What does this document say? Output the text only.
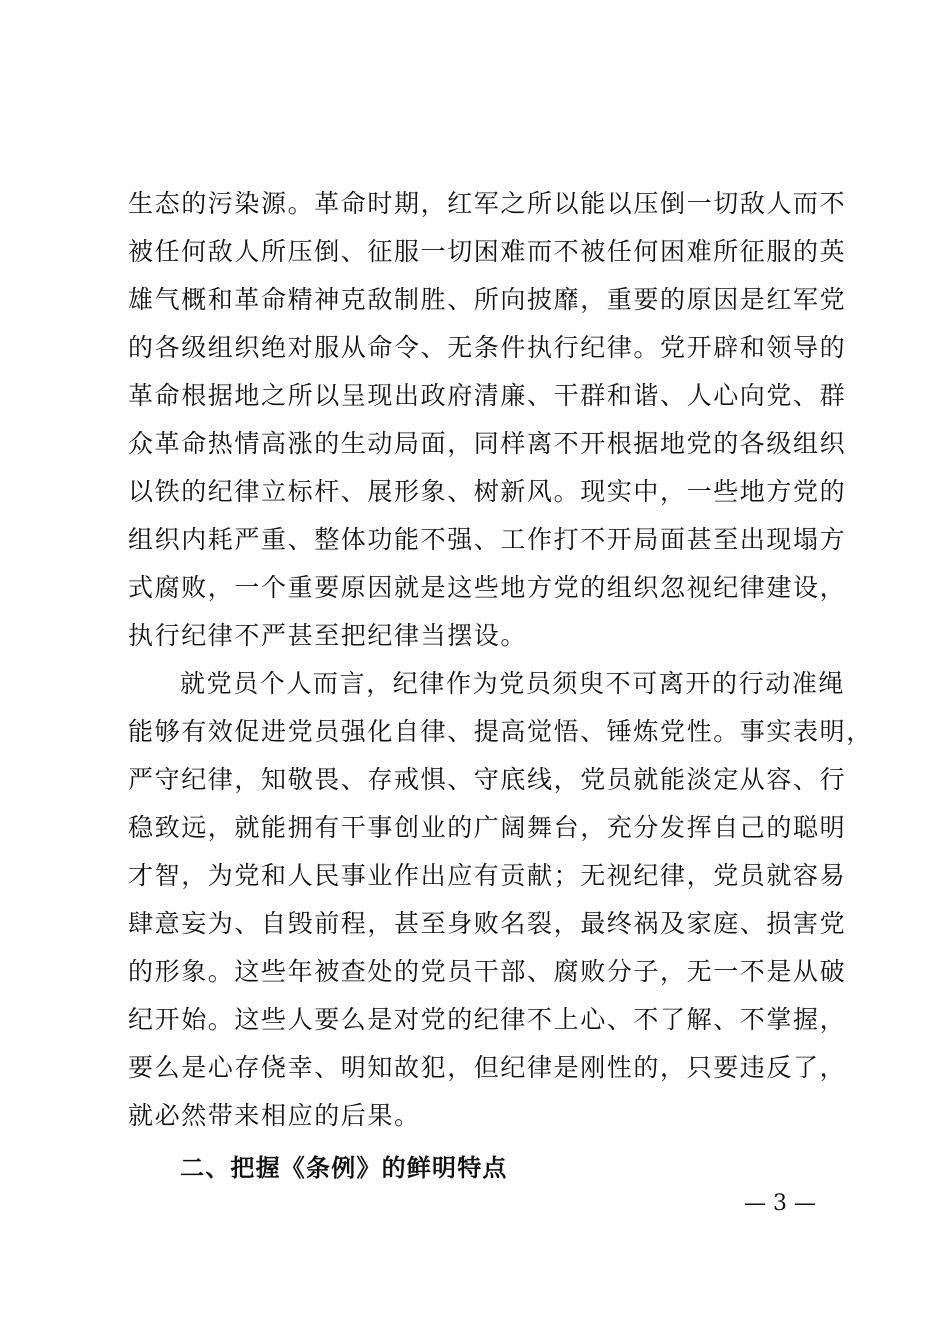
生态的污染源。革命时期，红军之所以能以压倒一切敌人而不
被任何敌人所压倒、征服一切困难而不被任何困难所征服的英
雄气概和革命精神克敌制胜、所向披靡，重要的原因是红军党
的各级组织绝对服从命令、无条件执行纪律。党开辟和领导的
革命根据地之所以呈现出政府清廉、干群和谐、人心向党、群
众革命热情高涨的生动局面，同样离不开根据地党的各级组织
以铁的纪律立标杆、展形象、树新风。现实中，一些地方党的
组织内耗严重、整体功能不强、工作打不开局面甚至出现塌方
式腐败，一个重要原因就是这些地方党的组织忽视纪律建设，
执行纪律不严甚至把纪律当摆设。
就党员个人而言，纪律作为党员须臾不可离开的行动准绳
能够有效促进党员强化自律、提高觉悟、锤炼党性。事实表明，
严守纪律，知敬畏、存戒惧、守底线，党员就能淡定从容、行
稳致远，就能拥有干事创业的广阔舞台，充分发挥自己的聪明
才智，为党和人民事业作出应有贡献；无视纪律，党员就容易
肆意妄为、自毁前程，甚至身败名裂，最终祸及家庭、损害党
的形象。这些年被查处的党员干部、腐败分子，无一不是从破
纪开始。这些人要么是对党的纪律不上心、不了解、不掌握，
要么是心存侥幸、明知故犯，但纪律是刚性的，只要违反了，
就必然带来相应的后果。
二、把握《条例》的鲜明特点
— 3 —
